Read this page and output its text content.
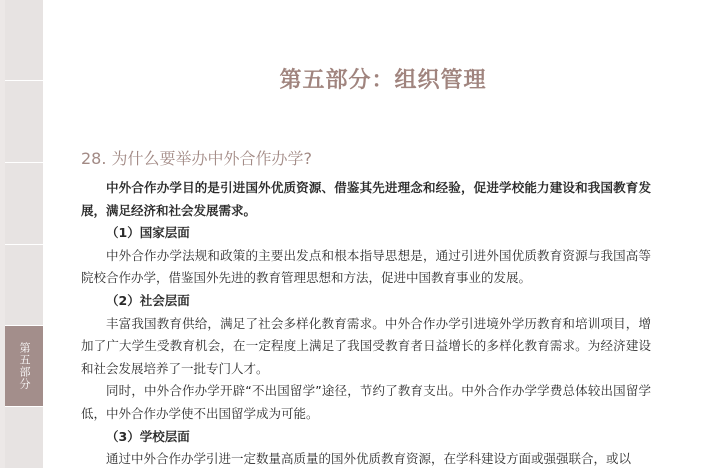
第五部分
第五部分：组织管理
28. 为什么要举办中外合作办学?

中外合作办学目的是引进国外优质资源、借鉴其先进理念和经验，促进学校能力建设和我国教育发展，满足经济和社会发展需求。

（1）国家层面

中外合作办学法规和政策的主要出发点和根本指导思想是，通过引进外国优质教育资源与我国高等院校合作办学，借鉴国外先进的教育管理思想和方法，促进中国教育事业的发展。

（2）社会层面

丰富我国教育供给，满足了社会多样化教育需求。中外合作办学引进境外学历教育和培训项目，增加了广大学生受教育机会，在一定程度上满足了我国受教育者日益增长的多样化教育需求。为经济建设和社会发展培养了一批专门人才。

同时，中外合作办学开辟“不出国留学”途径，节约了教育支出。中外合作办学学费总体较出国留学低，中外合作办学使不出国留学成为可能。

（3）学校层面

通过中外合作办学引进一定数量高质量的国外优质教育资源，在学科建设方面或强强联合，或以
